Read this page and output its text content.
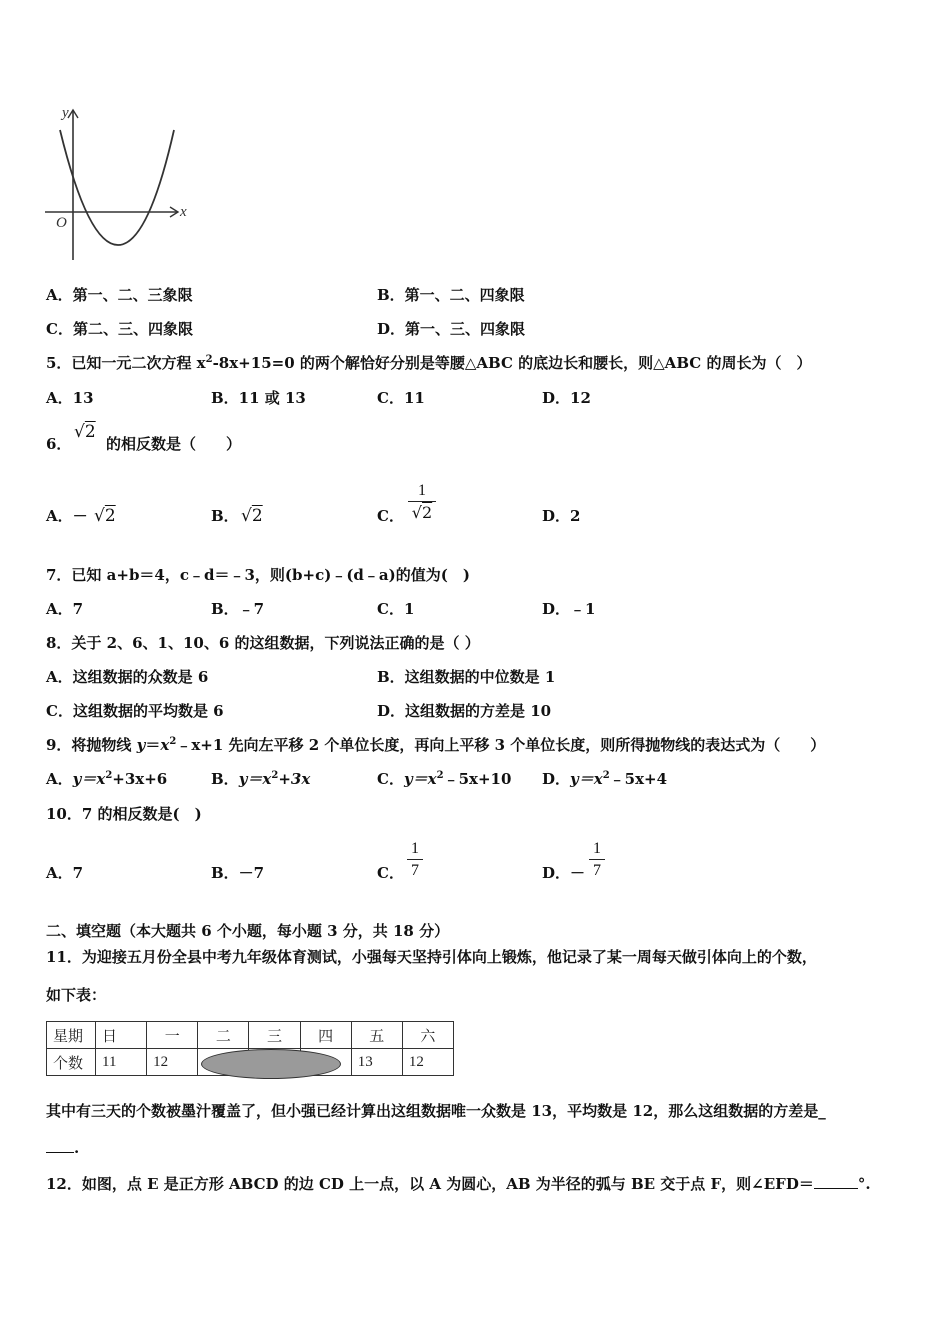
y
x
O
A．第一、二、三象限	B．第一、二、四象限
C．第二、三、四象限	D．第一、三、四象限
5．已知一元二次方程 $x^2-8x+15=0$ 的两个解恰好分别是等腰△ABC 的底边长和腰长，则△ABC 的周长为（　）
A．13	B．11 或 13	C．11	D．12
6．
√2
的相反数是（　　）
A．－ √2	B． √2	C．
1
√2	D．2
7．已知 a+b＝4，c﹣d＝﹣3，则(b+c)﹣(d﹣a)的值为(　)
A．7	B．﹣7	C．1	D．﹣1
8．关于 2、6、1、10、6 的这组数据，下列说法正确的是（ ）
A．这组数据的众数是 6	B．这组数据的中位数是 1
C．这组数据的平均数是 6	D．这组数据的方差是 10
9．将抛物线 $y=x^2﹣x+1$ 先向左平移 2 个单位长度，再向上平移 3 个单位长度，则所得抛物线的表达式为（　　）
A．$y=x^2+3x+6$	B．$y=x^2+3x$	C．$y=x^2﹣5x+10$ D．$y=x^2﹣5x+4$
10．7 的相反数是(　)
A．7	B．－7	C．
1
7	D．－
1
7
二、填空题（本大题共 6 个小题，每小题 3 分，共 18 分）
11．为迎接五月份全县中考九年级体育测试，小强每天坚持引体向上锻炼，他记录了某一周每天做引体向上的个数，
如下表：
星期	日	一	二	三	四	五	六
个数	11	12				13	12
其中有三天的个数被墨汁覆盖了，但小强已经计算出这组数据唯一众数是 13，平均数是 12，那么这组数据的方差是_
.
12．如图，点 E 是正方形 ABCD 的边 CD 上一点，以 A 为圆心，AB 为半径的弧与 BE 交于点 F，则∠EFD＝	°.
